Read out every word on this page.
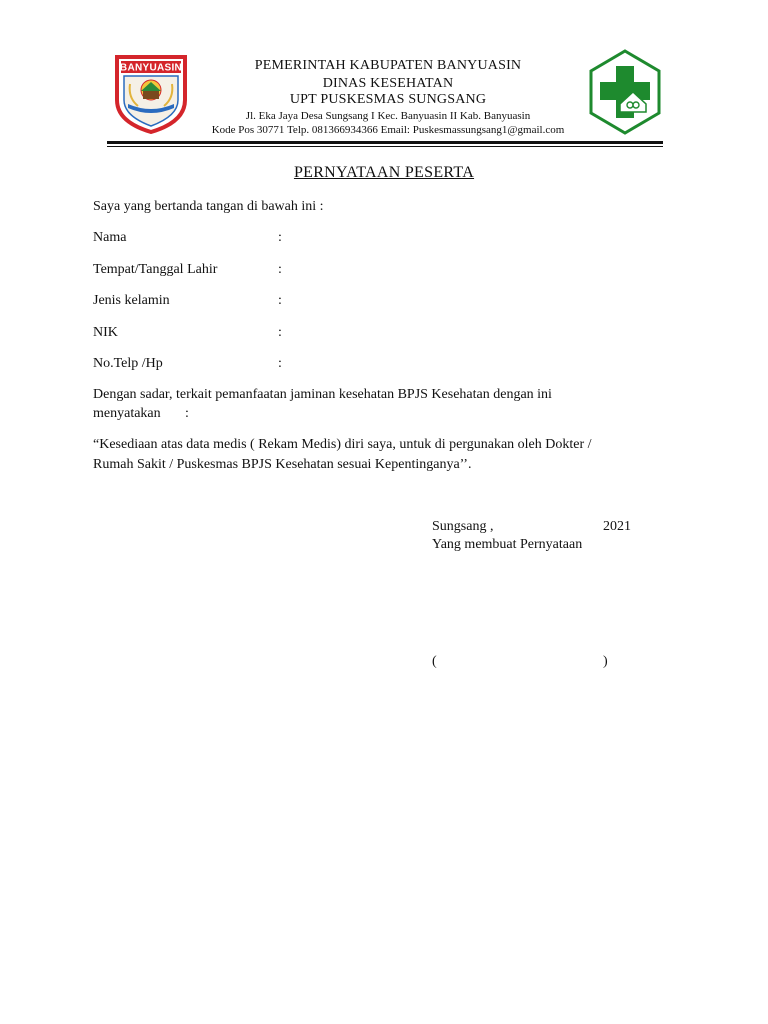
BANYUASIN	PEMERINTAH KABUPATEN BANYUASIN
DINAS KESEHATAN
UPT PUSKESMAS SUNGSANG
Jl. Eka Jaya Desa Sungsang I Kec. Banyuasin II Kab. Banyuasin
Kode Pos 30771 Telp. 081366934366 Email: Puskesmassungsang1@gmail.com
PERNYATAAN PESERTA
Saya yang bertanda tangan di bawah ini :
Nama	:
Tempat/Tanggal Lahir	:
Jenis kelamin	:
NIK	:
No.Telp /Hp	:
Dengan sadar, terkait pemanfaatan jaminan kesehatan BPJS Kesehatan dengan ini
menyatakan :
“Kesediaan atas data medis ( Rekam Medis) diri saya, untuk di pergunakan oleh Dokter /
Rumah Sakit / Puskesmas BPJS Kesehatan sesuai Kepentinganya’’.
Sungsang ,	2021
Yang membuat Pernyataan
(	)
